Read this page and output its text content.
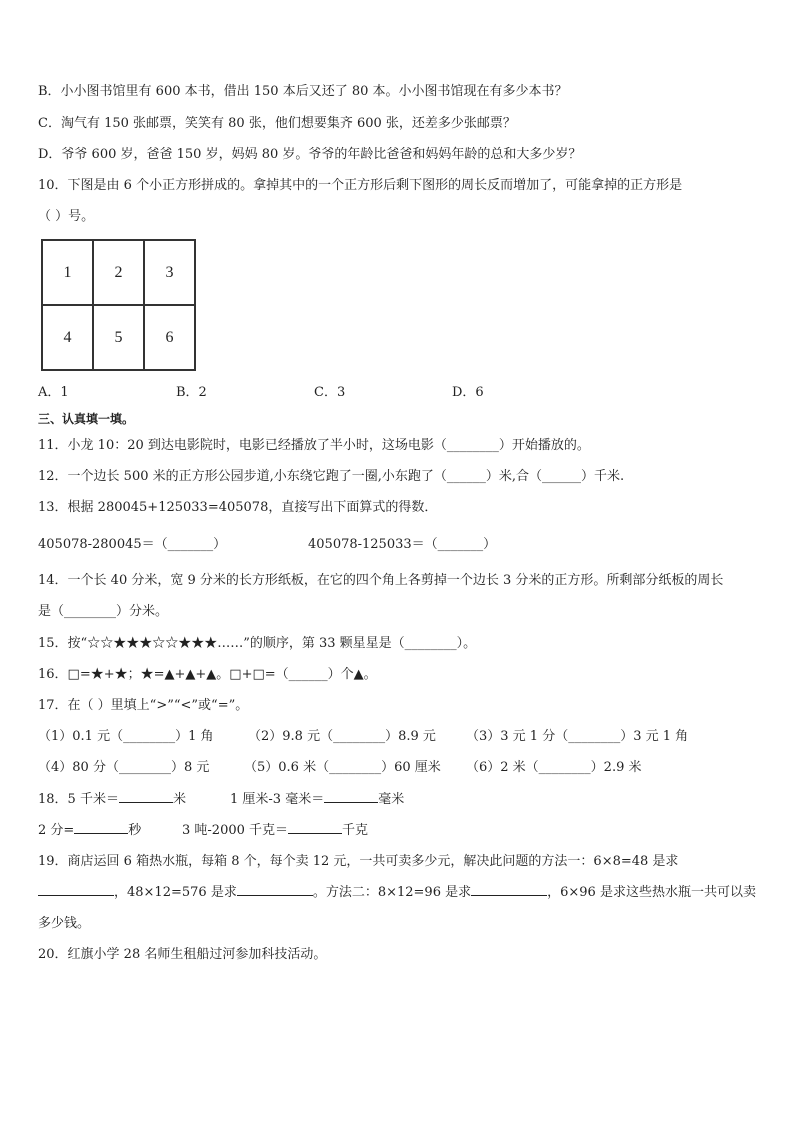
B．小小图书馆里有 600 本书，借出 150 本后又还了 80 本。小小图书馆现在有多少本书？
C．淘气有 150 张邮票，笑笑有 80 张，他们想要集齐 600 张，还差多少张邮票？
D．爷爷 600 岁，爸爸 150 岁，妈妈 80 岁。爷爷的年龄比爸爸和妈妈年龄的总和大多少岁？
10．下图是由 6 个小正方形拼成的。拿掉其中的一个正方形后剩下图形的周长反而增加了，可能拿掉的正方形是
（ ）号。
1	2	3
4	5	6
A．1	B．2	C．3	D．6
三、认真填一填。
11．小龙 10：20 到达电影院时，电影已经播放了半小时，这场电影（________）开始播放的。
12．一个边长 500 米的正方形公园步道,小东绕它跑了一圈,小东跑了（______）米,合（______）千米.
13．根据 280045+125033=405078，直接写出下面算式的得数．
405078-280045＝（_______）	405078-125033＝（_______）
14．一个长 40 分米，宽 9 分米的长方形纸板，在它的四个角上各剪掉一个边长 3 分米的正方形。所剩部分纸板的周长
是（________）分米。
15．按“☆☆★★★☆☆★★★……”的顺序，第 33 颗星星是（________）。
16．□=★+★；★=▲+▲+▲。□+□=（______）个▲。
17．在（ ）里填上“>”“<”或“=”。
（1）0.1 元（________）1 角	（2）9.8 元（________）8.9 元 （3）3 元 1 分（________）3 元 1 角
（4）80 分（________）8 元	（5）0.6 米（________）60 厘米 （6）2 米（________）2.9 米
18．5 千米＝	米	1 厘米-3 毫米＝	毫米
2 分=	秒	3 吨-2000 千克＝	千克
19．商店运回 6 箱热水瓶，每箱 8 个，每个卖 12 元，一共可卖多少元，解决此问题的方法一：6×8=48 是求
，48×12=576 是求	。方法二：8×12=96 是求	，6×96 是求这些热水瓶一共可以卖
多少钱。
20．红旗小学 28 名师生租船过河参加科技活动。
